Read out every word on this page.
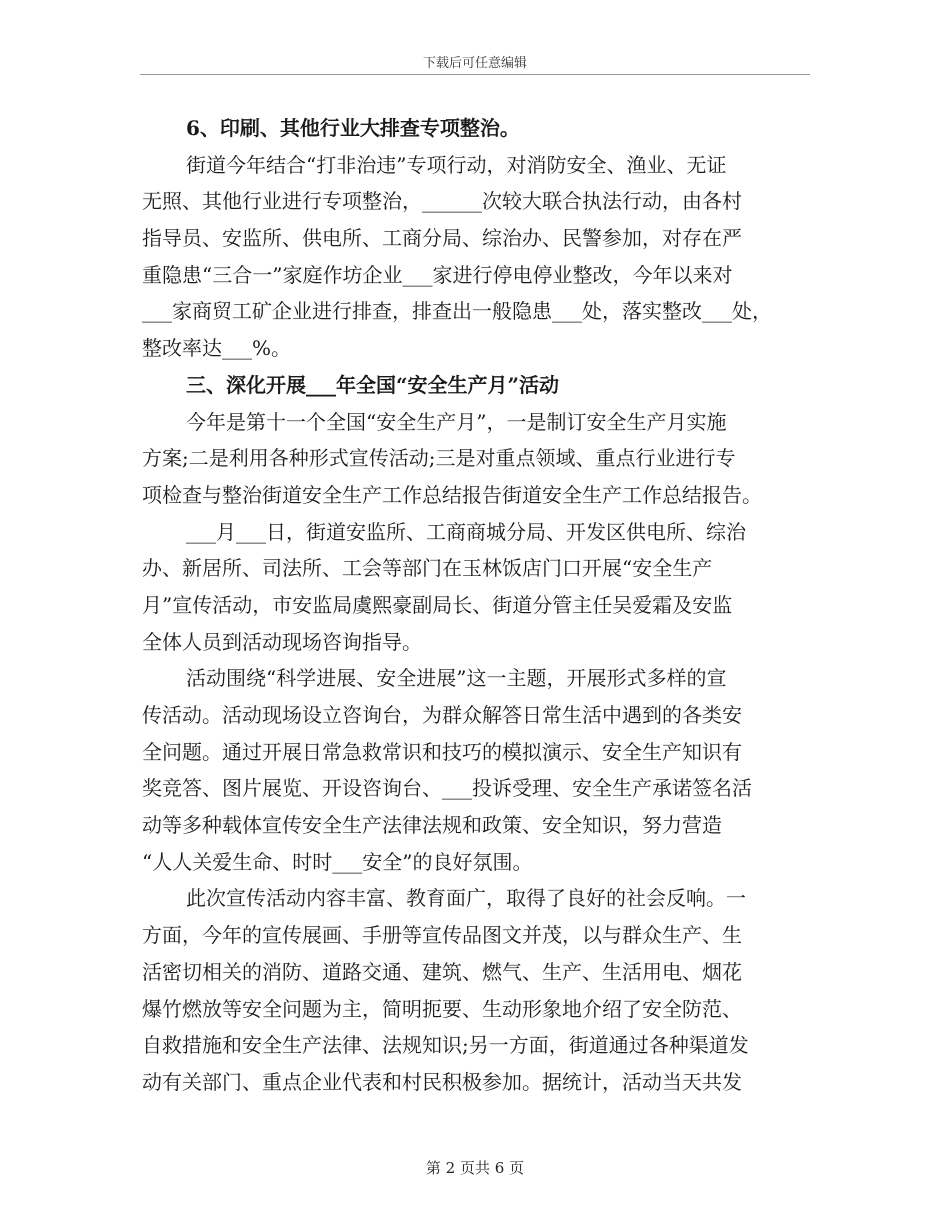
下载后可任意编辑
6、印刷、其他行业大排查专项整治。
街道今年结合“打非治违”专项行动，对消防安全、渔业、无证
无照、其他行业进行专项整治，______次较大联合执法行动，由各村
指导员、安监所、供电所、工商分局、综治办、民警参加，对存在严
重隐患“三合一”家庭作坊企业___家进行停电停业整改，今年以来对
___家商贸工矿企业进行排查，排查出一般隐患___处，落实整改___处，
整改率达___%。
三、深化开展___年全国“安全生产月”活动
今年是第十一个全国“安全生产月”，一是制订安全生产月实施
方案;二是利用各种形式宣传活动;三是对重点领域、重点行业进行专
项检查与整治街道安全生产工作总结报告街道安全生产工作总结报告。
___月___日，街道安监所、工商商城分局、开发区供电所、综治
办、新居所、司法所、工会等部门在玉林饭店门口开展“安全生产
月”宣传活动，市安监局虞熙豪副局长、街道分管主任吴爱霜及安监
全体人员到活动现场咨询指导。
活动围绕“科学进展、安全进展”这一主题，开展形式多样的宣
传活动。活动现场设立咨询台，为群众解答日常生活中遇到的各类安
全问题。通过开展日常急救常识和技巧的模拟演示、安全生产知识有
奖竞答、图片展览、开设咨询台、___投诉受理、安全生产承诺签名活
动等多种载体宣传安全生产法律法规和政策、安全知识，努力营造
“人人关爱生命、时时___安全”的良好氛围。
此次宣传活动内容丰富、教育面广，取得了良好的社会反响。一
方面，今年的宣传展画、手册等宣传品图文并茂，以与群众生产、生
活密切相关的消防、道路交通、建筑、燃气、生产、生活用电、烟花
爆竹燃放等安全问题为主，简明扼要、生动形象地介绍了安全防范、
自救措施和安全生产法律、法规知识;另一方面，街道通过各种渠道发
动有关部门、重点企业代表和村民积极参加。据统计，活动当天共发
第 2 页共 6 页
